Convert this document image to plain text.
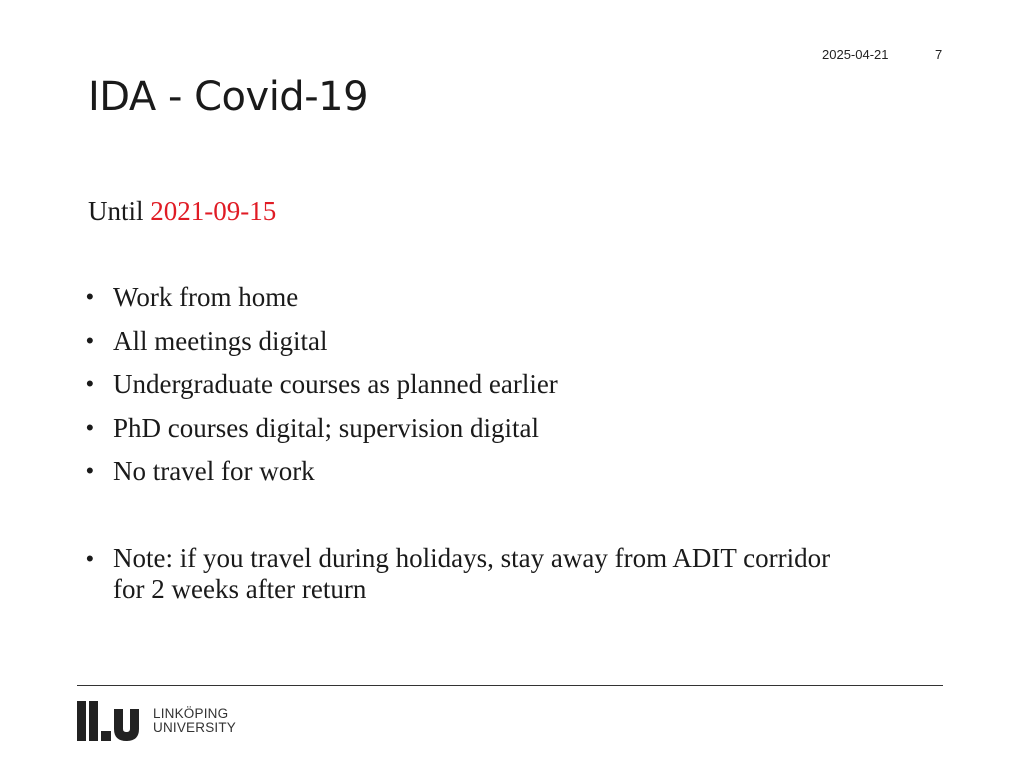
2025-04-21	7
IDA - Covid-19
Until 2021-09-15
• Work from home
• All meetings digital
• Undergraduate courses as planned earlier
• PhD courses digital; supervision digital
• No travel for work
• Note: if you travel during holidays, stay away from ADIT corridor
for 2 weeks after return
LINKÖPING
UNIVERSITY
